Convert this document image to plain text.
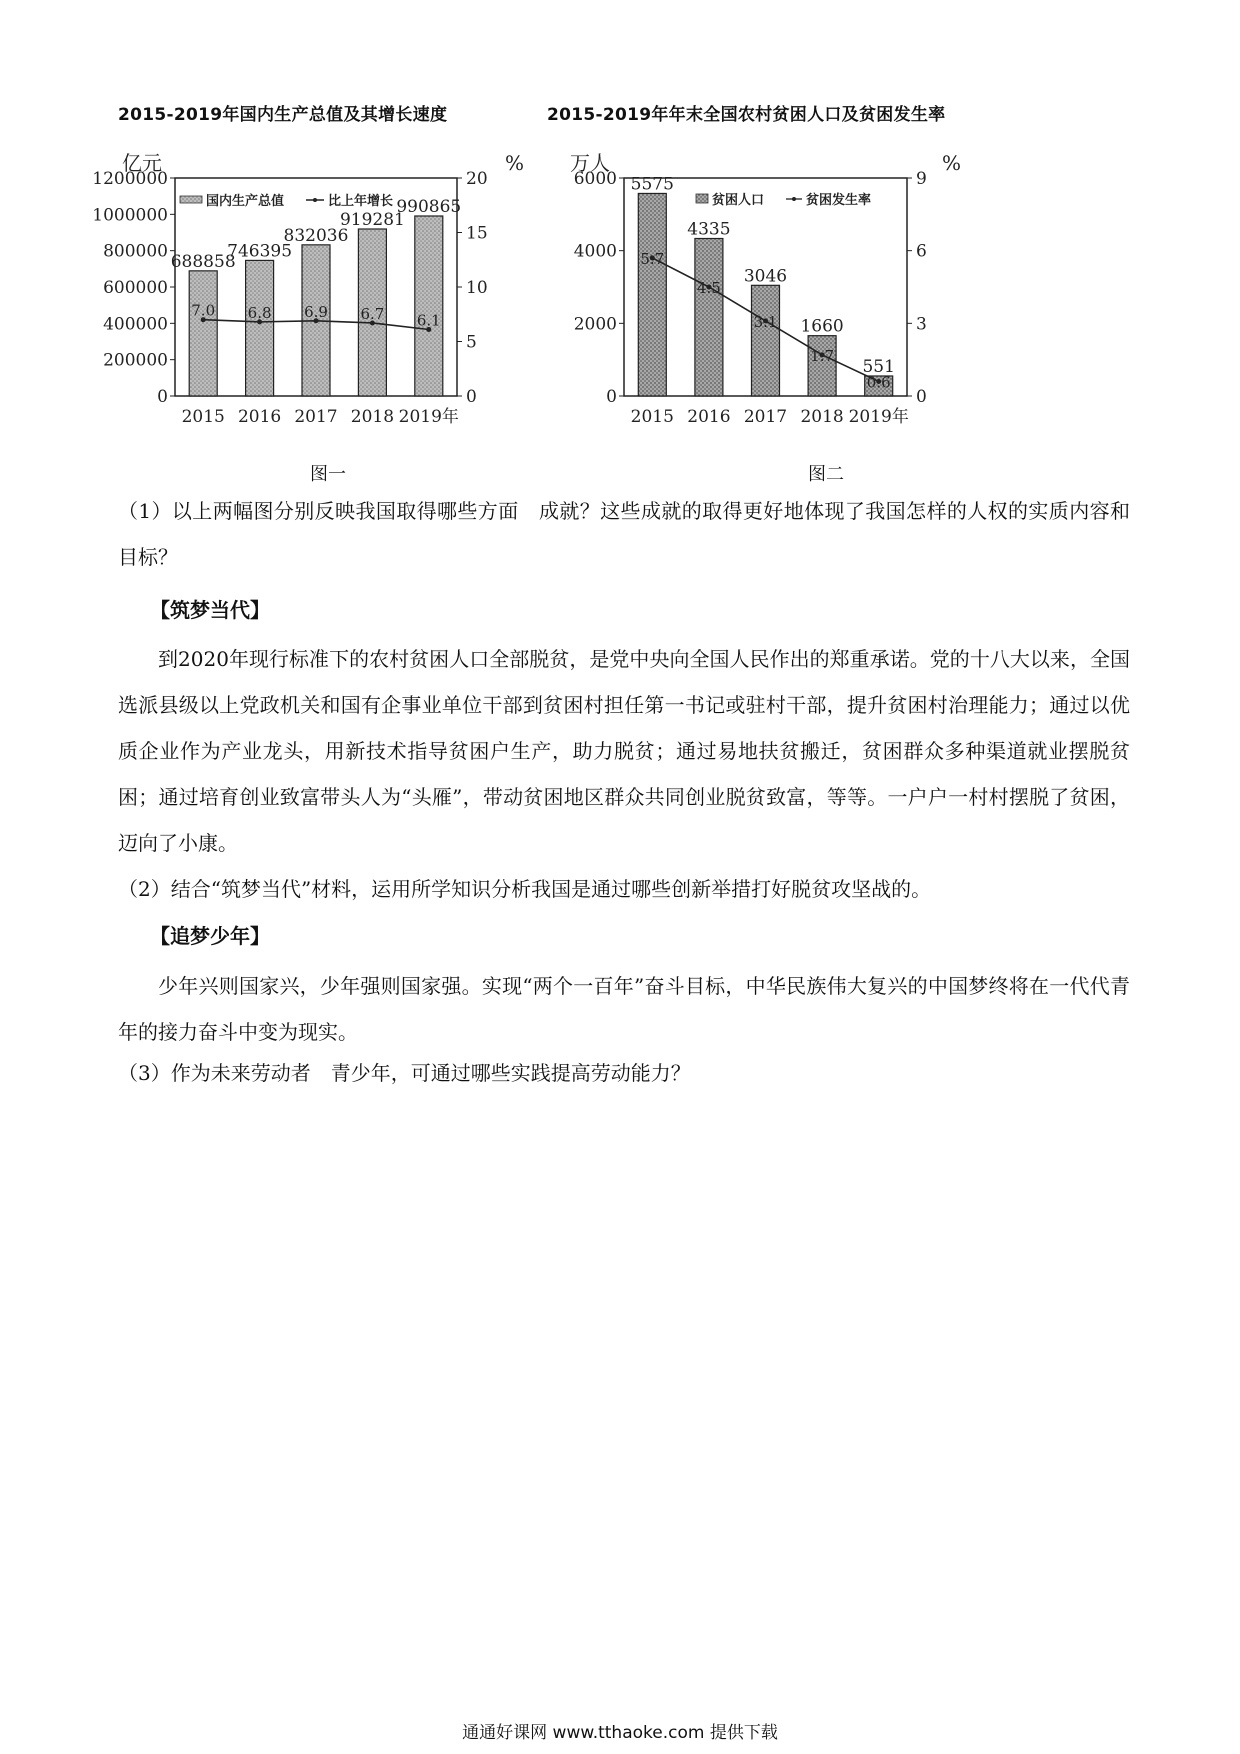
2015-2019年国内生产总值及其增长速度	2015-2019年年末全国农村贫困人口及贫困发生率
亿元	%
0
200000
400000
600000
800000
1000000
1200000
0
5
10
15
20
688858
746395
832036
919281
990865
7.0 6.8 6.9 6.7 6.1
2015 2016 2017 2018 2019年
国内生产总值	比上年增长
万人	%
0
2000
4000
6000
0
3
6
9
5575
4335
3046
1660
551
5.7
4.5
3.1
1.7
0.6
2015 2016 2017 2018 2019年
贫困人口	贫困发生率
图一	图二
（1）以上两幅图分别反映我国取得哪些方面　成就？这些成就的取得更好地体现了我国怎样的人权的实质内容和目标？
【筑梦当代】
到2020年现行标准下的农村贫困人口全部脱贫，是党中央向全国人民作出的郑重承诺。党的十八大以来，全国选派县级以上党政机关和国有企事业单位干部到贫困村担任第一书记或驻村干部，提升贫困村治理能力；通过以优质企业作为产业龙头，用新技术指导贫困户生产，助力脱贫；通过易地扶贫搬迁，贫困群众多种渠道就业摆脱贫困；通过培育创业致富带头人为“头雁”，带动贫困地区群众共同创业脱贫致富，等等。一户户一村村摆脱了贫困，迈向了小康。
（2）结合“筑梦当代”材料，运用所学知识分析我国是通过哪些创新举措打好脱贫攻坚战的。
【追梦少年】
少年兴则国家兴，少年强则国家强。实现“两个一百年”奋斗目标，中华民族伟大复兴的中国梦终将在一代代青年的接力奋斗中变为现实。
（3）作为未来劳动者　青少年，可通过哪些实践提高劳动能力？
通通好课网 www.tthaoke.com 提供下载
